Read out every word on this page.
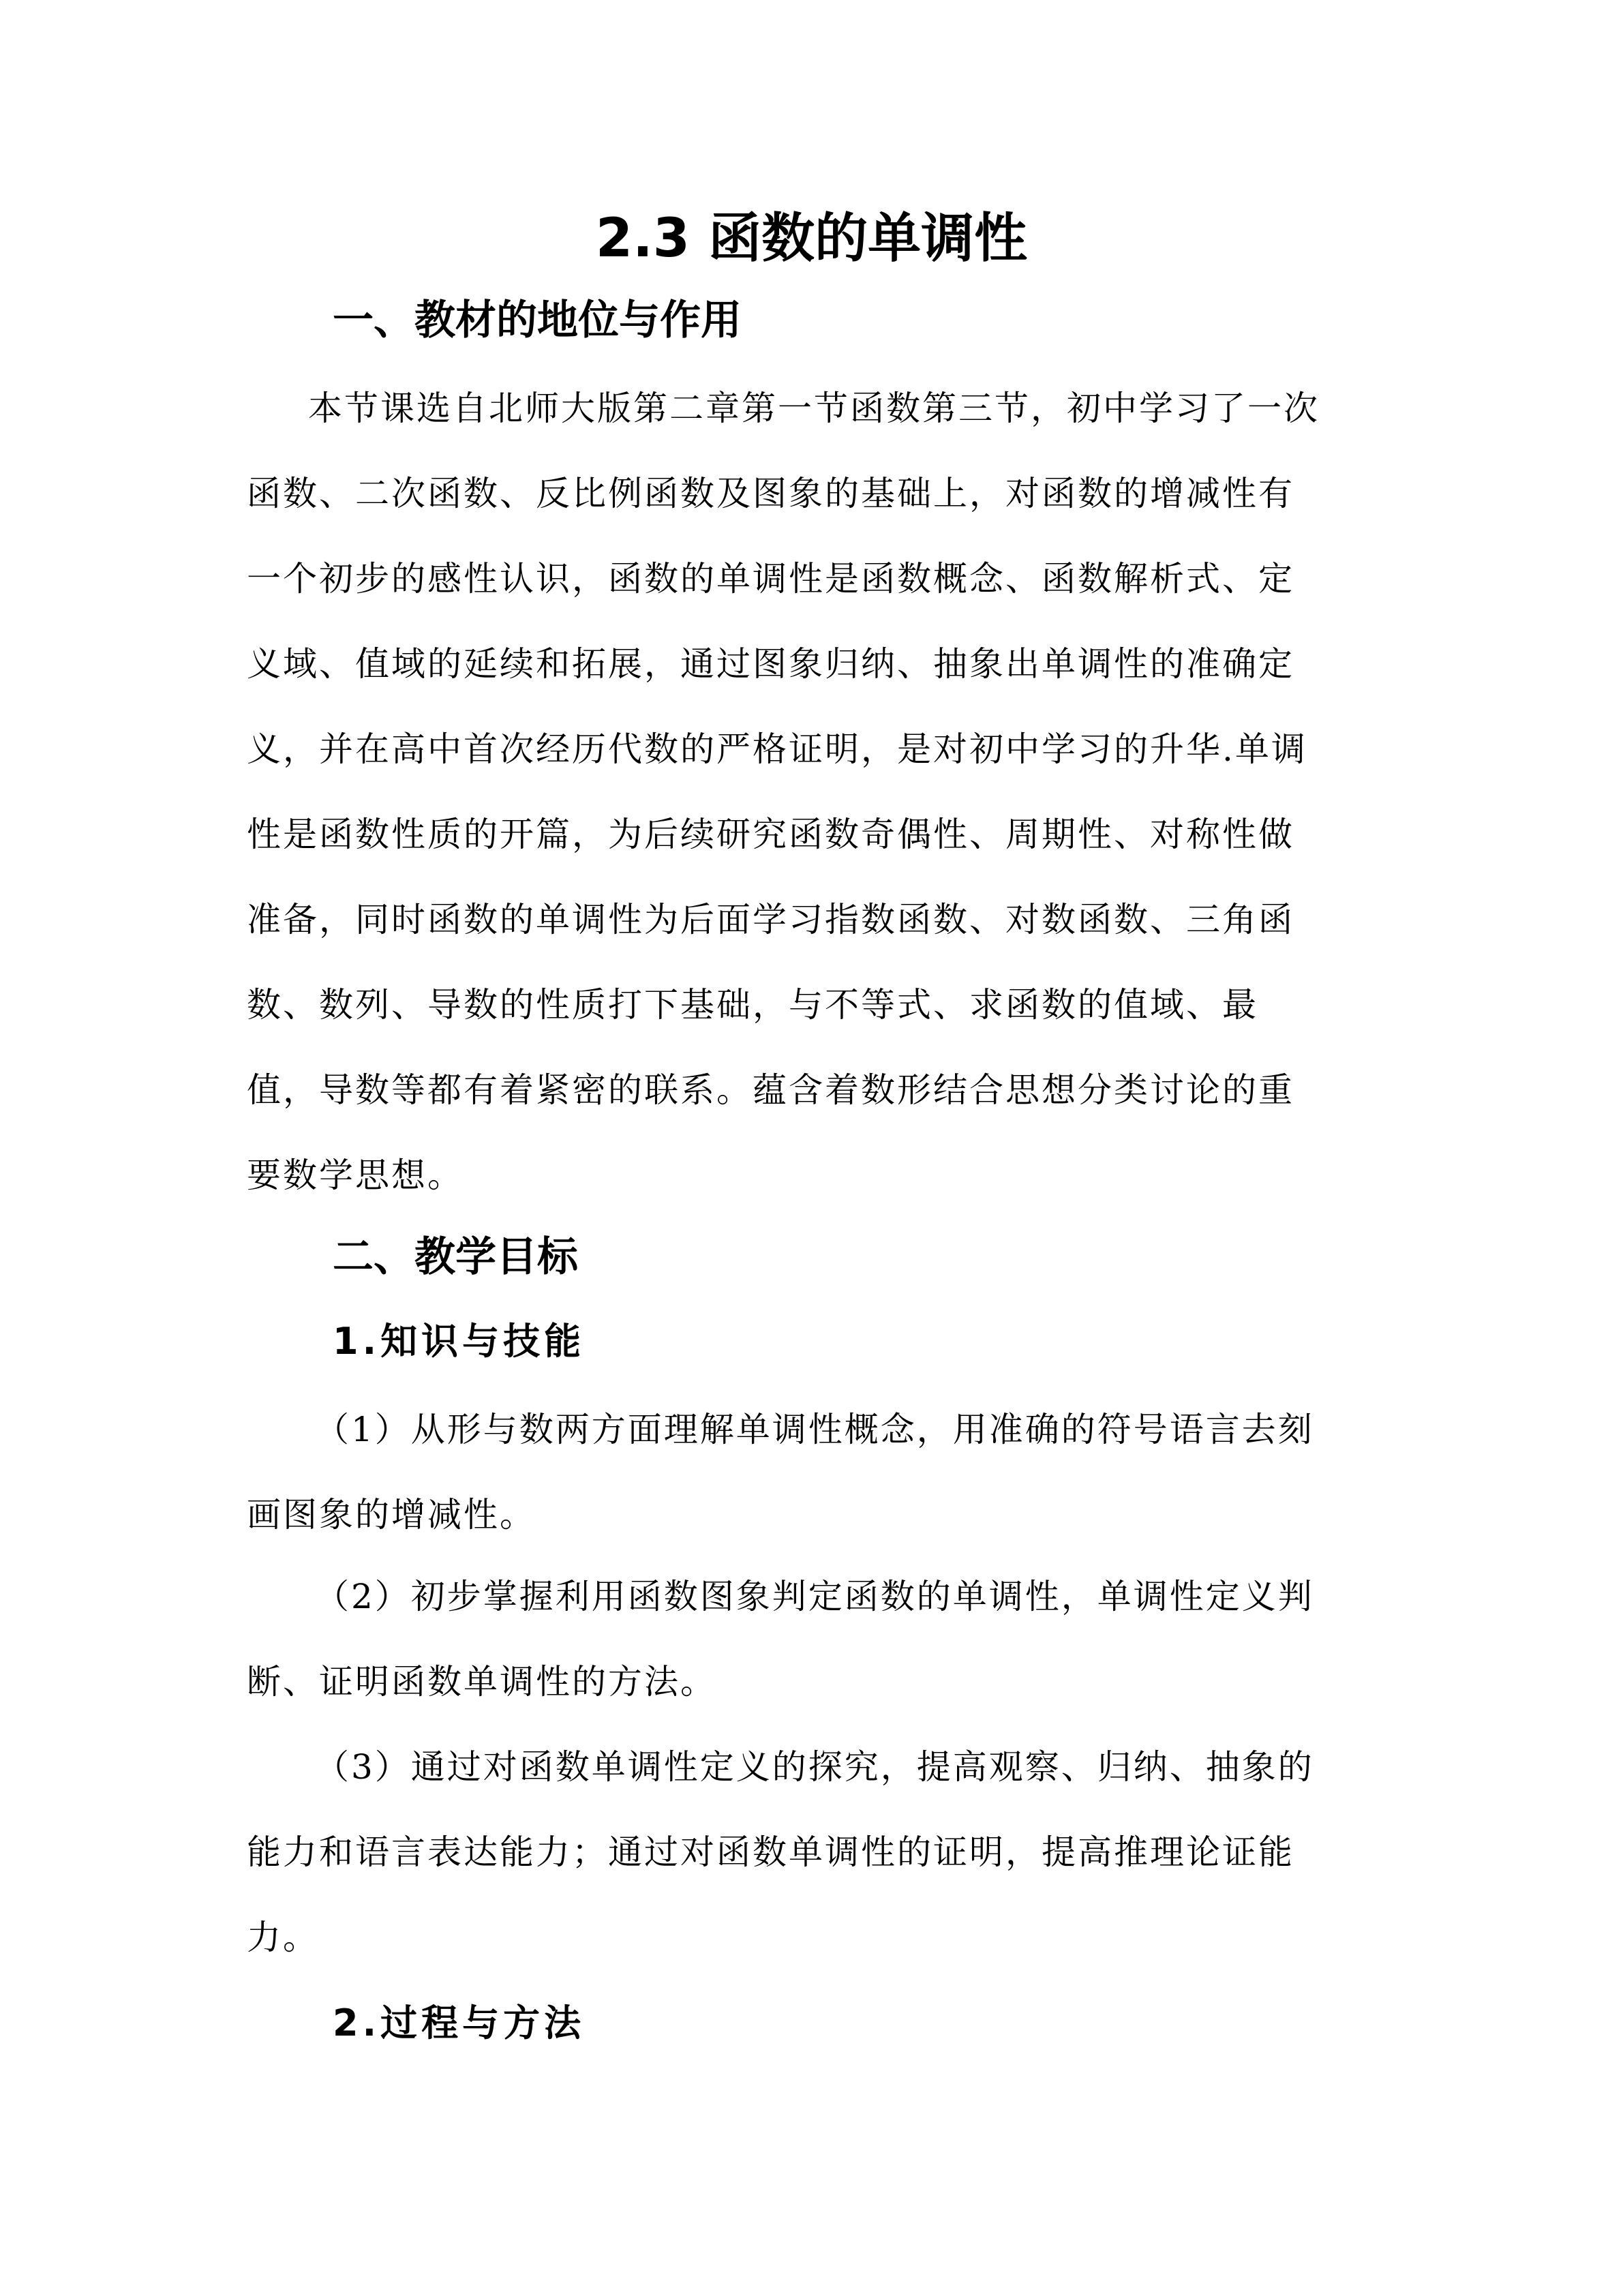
2.3 函数的单调性
一、教材的地位与作用
本节课选自北师大版第二章第一节函数第三节，初中学习了一次
函数、二次函数、反比例函数及图象的基础上，对函数的增减性有
一个初步的感性认识，函数的单调性是函数概念、函数解析式、定
义域、值域的延续和拓展，通过图象归纳、抽象出单调性的准确定
义，并在高中首次经历代数的严格证明，是对初中学习的升华.单调
性是函数性质的开篇，为后续研究函数奇偶性、周期性、对称性做
准备，同时函数的单调性为后面学习指数函数、对数函数、三角函
数、数列、导数的性质打下基础，与不等式、求函数的值域、最
值，导数等都有着紧密的联系。蕴含着数形结合思想分类讨论的重
要数学思想。
二、教学目标
1.知识与技能
（1）从形与数两方面理解单调性概念，用准确的符号语言去刻
画图象的增减性。
（2）初步掌握利用函数图象判定函数的单调性，单调性定义判
断、证明函数单调性的方法。
（3）通过对函数单调性定义的探究，提高观察、归纳、抽象的
能力和语言表达能力；通过对函数单调性的证明，提高推理论证能
力。
2.过程与方法
